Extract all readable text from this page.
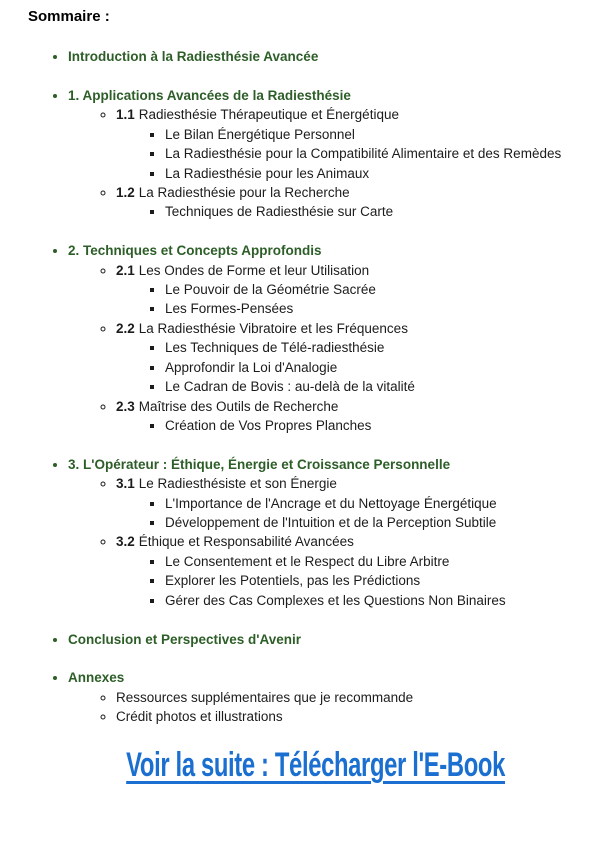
Sommaire :
• Introduction à la Radiesthésie Avancée
• 1. Applications Avancées de la Radiesthésie
◦ 1.1 Radiesthésie Thérapeutique et Énergétique
▪ Le Bilan Énergétique Personnel
▪ La Radiesthésie pour la Compatibilité Alimentaire et des Remèdes
▪ La Radiesthésie pour les Animaux
◦ 1.2 La Radiesthésie pour la Recherche
▪ Techniques de Radiesthésie sur Carte
• 2. Techniques et Concepts Approfondis
◦ 2.1 Les Ondes de Forme et leur Utilisation
▪ Le Pouvoir de la Géométrie Sacrée
▪ Les Formes-Pensées
◦ 2.2 La Radiesthésie Vibratoire et les Fréquences
▪ Les Techniques de Télé-radiesthésie
▪ Approfondir la Loi d'Analogie
▪ Le Cadran de Bovis : au-delà de la vitalité
◦ 2.3 Maîtrise des Outils de Recherche
▪ Création de Vos Propres Planches
• 3. L'Opérateur : Éthique, Énergie et Croissance Personnelle
◦ 3.1 Le Radiesthésiste et son Énergie
▪ L'Importance de l'Ancrage et du Nettoyage Énergétique
▪ Développement de l'Intuition et de la Perception Subtile
◦ 3.2 Éthique et Responsabilité Avancées
▪ Le Consentement et le Respect du Libre Arbitre
▪ Explorer les Potentiels, pas les Prédictions
▪ Gérer des Cas Complexes et les Questions Non Binaires
• Conclusion et Perspectives d'Avenir
• Annexes
◦ Ressources supplémentaires que je recommande
◦ Crédit photos et illustrations
Voir la suite : Télécharger l'E-Book
